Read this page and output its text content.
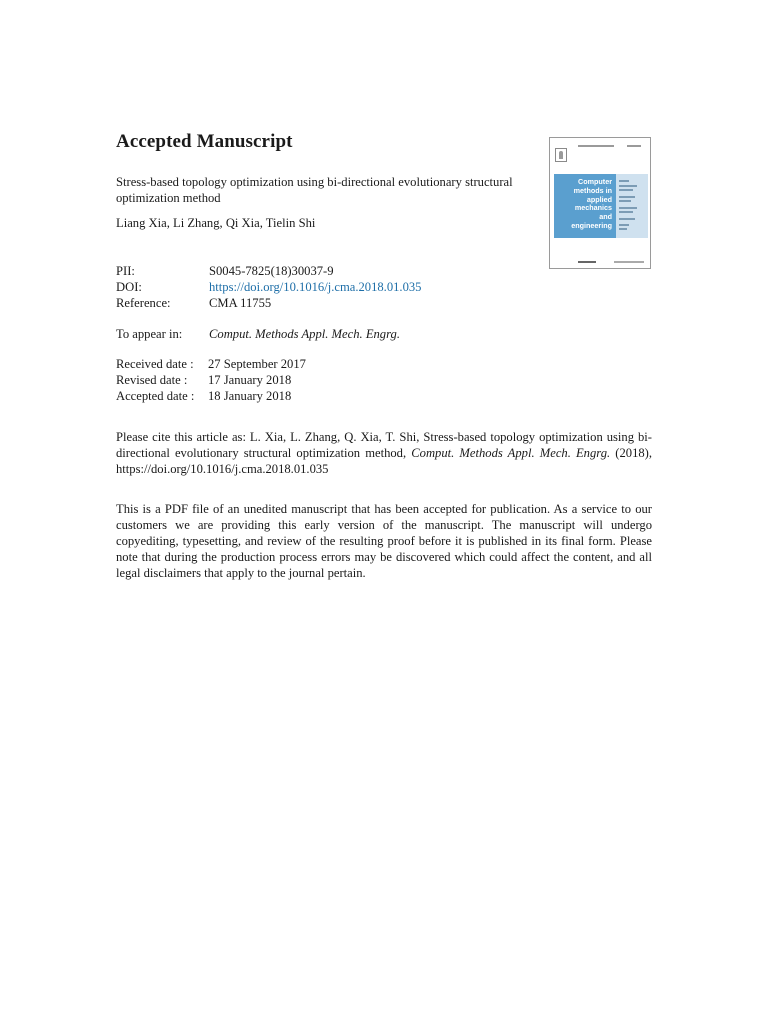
Accepted Manuscript
Stress-based topology optimization using bi-directional evolutionary structural optimization method
Liang Xia, Li Zhang, Qi Xia, Tielin Shi
PII:	S0045-7825(18)30037-9
DOI:	https://doi.org/10.1016/j.cma.2018.01.035
Reference:	CMA 11755
To appear in:	Comput. Methods Appl. Mech. Engrg.
Received date :	27 September 2017
Revised date :	17 January 2018
Accepted date :	18 January 2018
Please cite this article as: L. Xia, L. Zhang, Q. Xia, T. Shi, Stress-based topology optimization using bi-directional evolutionary structural optimization method, Comput. Methods Appl. Mech. Engrg. (2018), https://doi.org/10.1016/j.cma.2018.01.035
This is a PDF file of an unedited manuscript that has been accepted for publication. As a service to our customers we are providing this early version of the manuscript. The manuscript will undergo copyediting, typesetting, and review of the resulting proof before it is published in its final form. Please note that during the production process errors may be discovered which could affect the content, and all legal disclaimers that apply to the journal pertain.
Computer
methods in
applied
mechanics
and
engineering
